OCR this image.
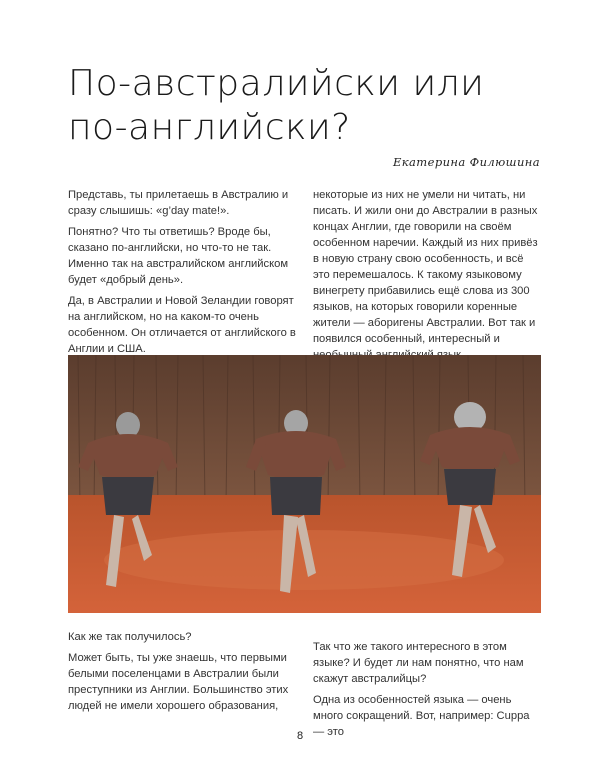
По-австралийски или
по-английски?
Екатерина Филюшина

Представь, ты прилетаешь в Австралию и сразу слышишь: «g’day mate!».

Понятно? Что ты ответишь? Вроде бы, сказано по-английски, но что-то не так. Именно так на австралийском английском будет «добрый день».

Да, в Австралии и Новой Зеландии говорят на английском, но на каком-то очень особенном. Он отличается от английского в Англии и США.

некоторые из них не умели ни читать, ни писать. И жили они до Австралии в разных концах Англии, где говорили на своём особенном наречии. Каждый из них привёз в новую страну свою особенность, и всё это перемешалось. К такому языковому винегрету прибавились ещё слова из 300 языков, на которых говорили коренные жители — аборигены Австралии. Вот так и появился особенный, интересный и

Как же так получилось?

Может быть, ты уже знаешь, что первыми белыми поселенцами в Австралии были преступники из Англии. Большинство этих людей не имели хорошего образования,

Так что же такого интересного в этом языке? И будет ли нам понятно, что нам скажут австралийцы?

Одна из особенностей языка — очень много сокращений. Вот, например: Cuppa — это

8
